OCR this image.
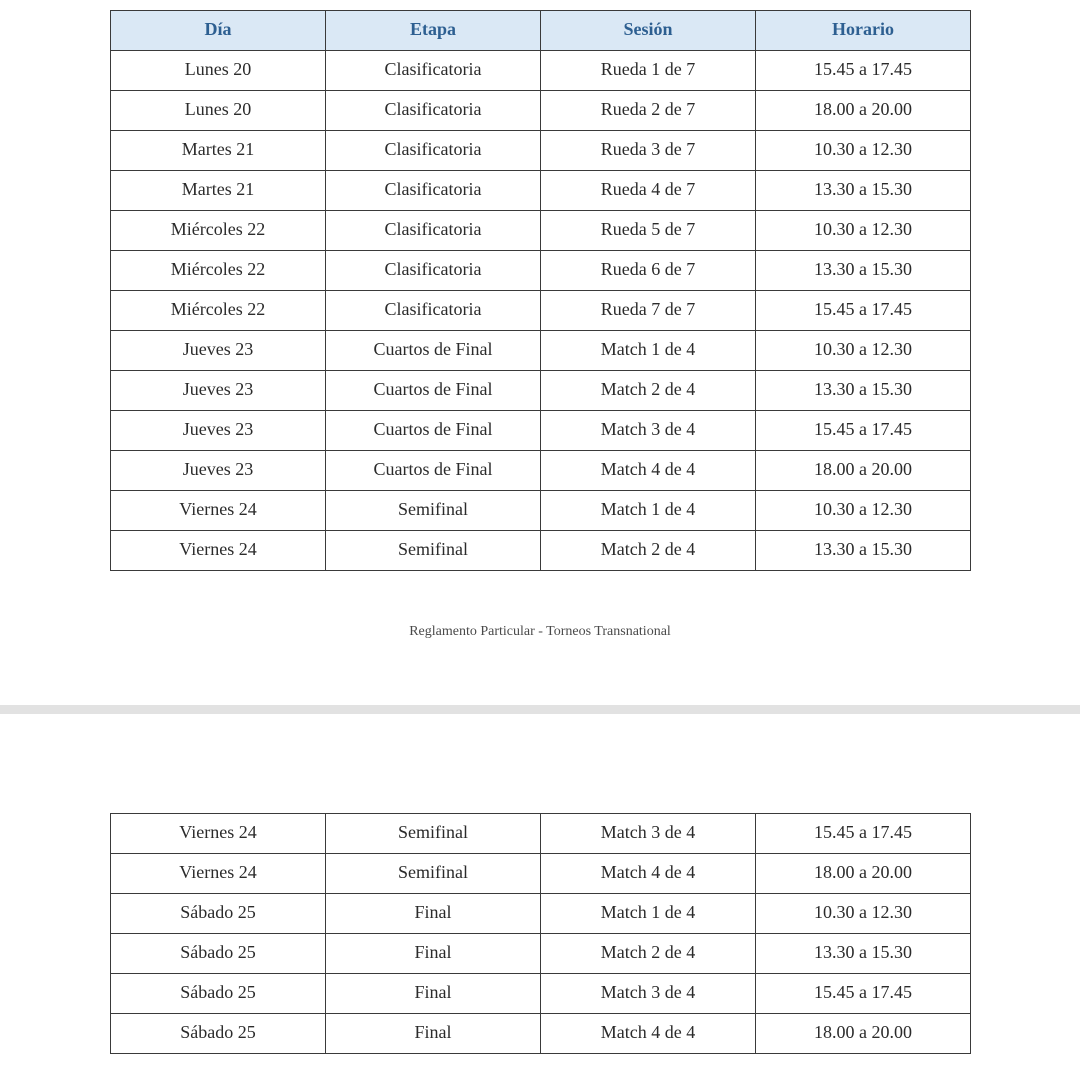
Día	Etapa	Sesión	Horario
Lunes 20	Clasificatoria	Rueda 1 de 7	15.45 a 17.45
Lunes 20	Clasificatoria	Rueda 2 de 7	18.00 a 20.00
Martes 21	Clasificatoria	Rueda 3 de 7	10.30 a 12.30
Martes 21	Clasificatoria	Rueda 4 de 7	13.30 a 15.30
Miércoles 22	Clasificatoria	Rueda 5 de 7	10.30 a 12.30
Miércoles 22	Clasificatoria	Rueda 6 de 7	13.30 a 15.30
Miércoles 22	Clasificatoria	Rueda 7 de 7	15.45 a 17.45
Jueves 23	Cuartos de Final	Match 1 de 4	10.30 a 12.30
Jueves 23	Cuartos de Final	Match 2 de 4	13.30 a 15.30
Jueves 23	Cuartos de Final	Match 3 de 4	15.45 a 17.45
Jueves 23	Cuartos de Final	Match 4 de 4	18.00 a 20.00
Viernes 24	Semifinal	Match 1 de 4	10.30 a 12.30
Viernes 24	Semifinal	Match 2 de 4	13.30 a 15.30
Reglamento Particular - Torneos Transnational
Viernes 24	Semifinal	Match 3 de 4	15.45 a 17.45
Viernes 24	Semifinal	Match 4 de 4	18.00 a 20.00
Sábado 25	Final	Match 1 de 4	10.30 a 12.30
Sábado 25	Final	Match 2 de 4	13.30 a 15.30
Sábado 25	Final	Match 3 de 4	15.45 a 17.45
Sábado 25	Final	Match 4 de 4	18.00 a 20.00
